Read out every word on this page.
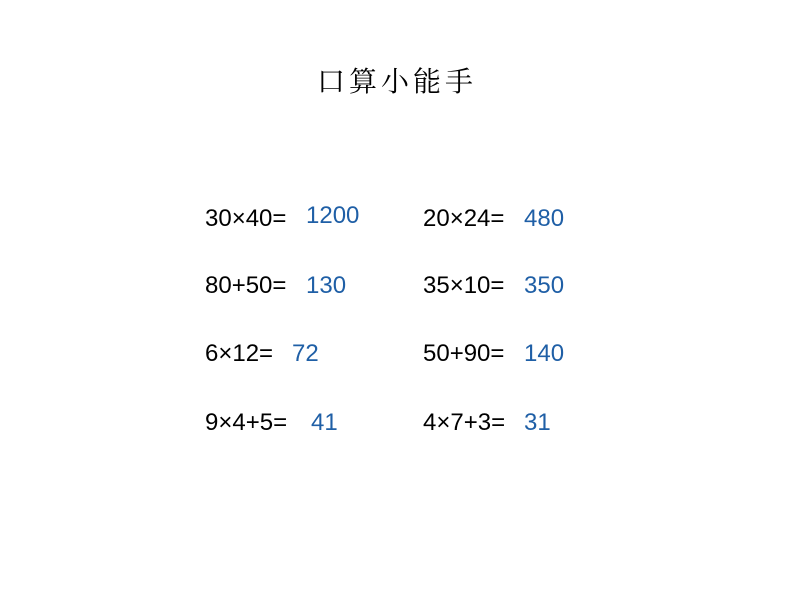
口算小能手
30×40= 1200	20×24= 480
80+50= 130	35×10= 350
6×12= 72	50+90= 140
9×4+5= 41	4×7+3= 31
